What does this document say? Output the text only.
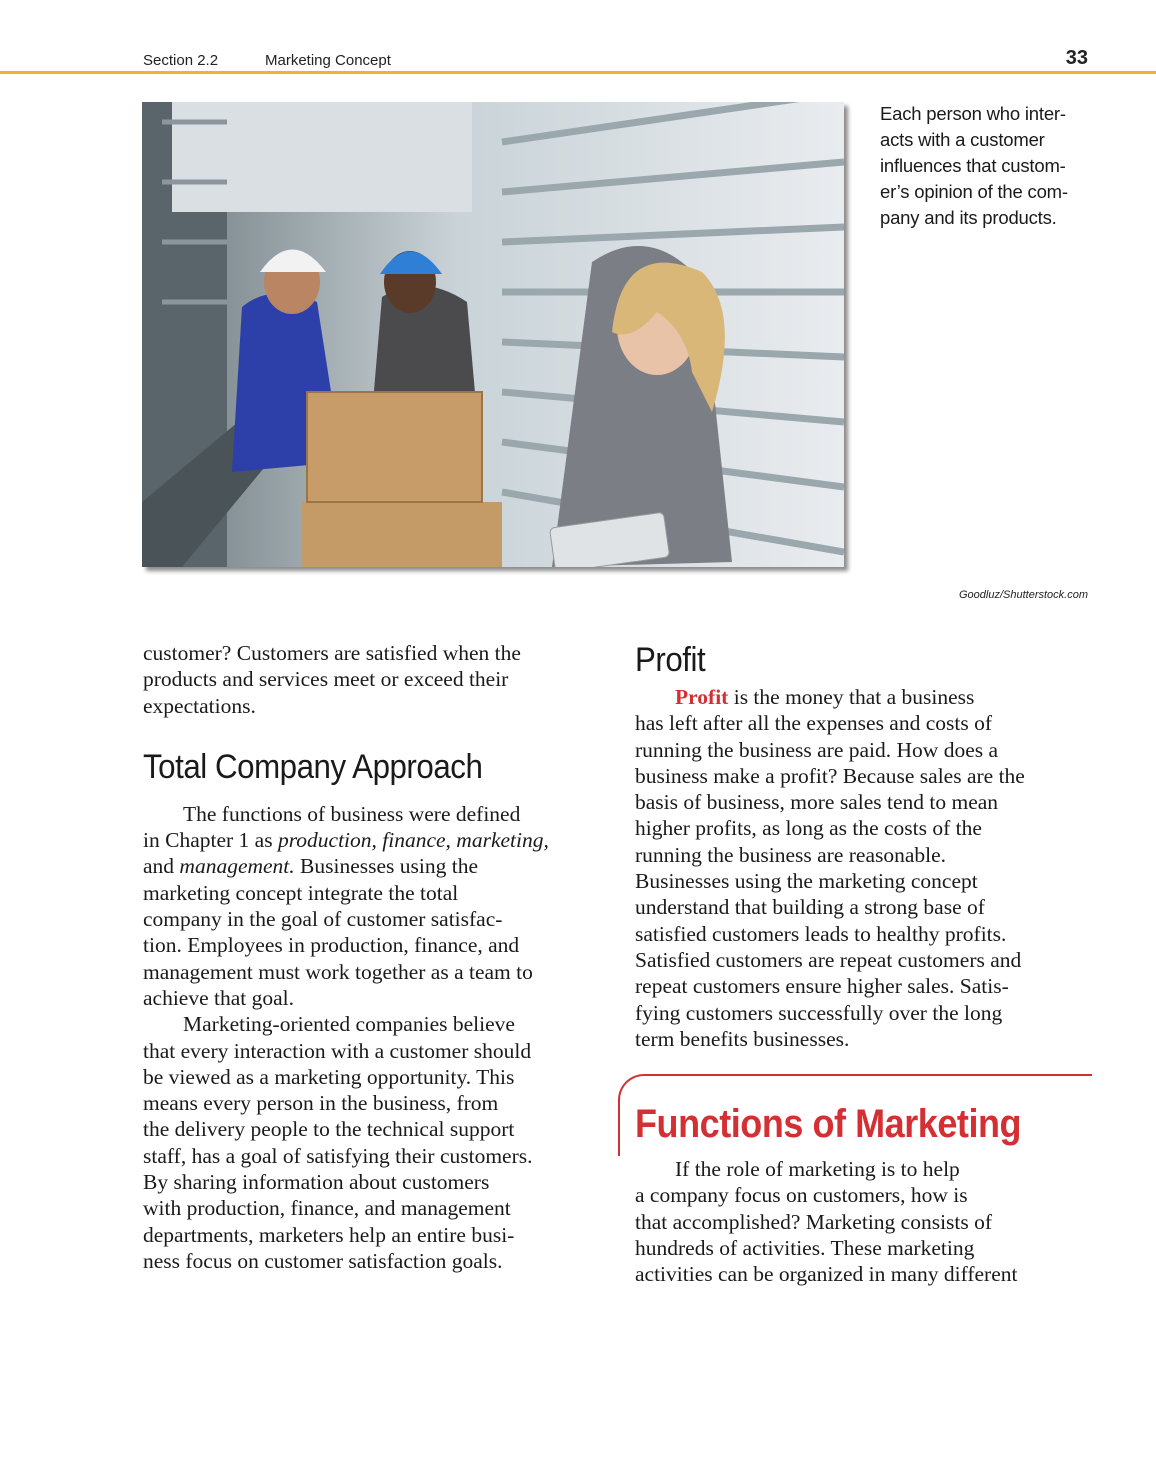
Section 2.2	Marketing Concept	33
Each person who inter-
acts with a customer
influences that custom-
er’s opinion of the com-
pany and its products.
Goodluz/Shutterstock.com
customer? Customers are satisfied when the
products and services meet or exceed their
expectations.
Total Company Approach
The functions of business were defined
in Chapter 1 as production, finance, marketing,
and management. Businesses using the
marketing concept integrate the total
company in the goal of customer satisfac-
tion. Employees in production, finance, and
management must work together as a team to
achieve that goal.
Marketing-oriented companies believe
that every interaction with a customer should
be viewed as a marketing opportunity. This
means every person in the business, from
the delivery people to the technical support
staff, has a goal of satisfying their customers.
By sharing information about customers
with production, finance, and management
departments, marketers help an entire busi-
ness focus on customer satisfaction goals.
Profit
Profit is the money that a business
has left after all the expenses and costs of
running the business are paid. How does a
business make a profit? Because sales are the
basis of business, more sales tend to mean
higher profits, as long as the costs of the
running the business are reasonable.
Businesses using the marketing concept
understand that building a strong base of
satisfied customers leads to healthy profits.
Satisfied customers are repeat customers and
repeat customers ensure higher sales. Satis-
fying customers successfully over the long
term benefits businesses.
Functions of Marketing
If the role of marketing is to help
a company focus on customers, how is
that accomplished? Marketing consists of
hundreds of activities. These marketing
activities can be organized in many different
